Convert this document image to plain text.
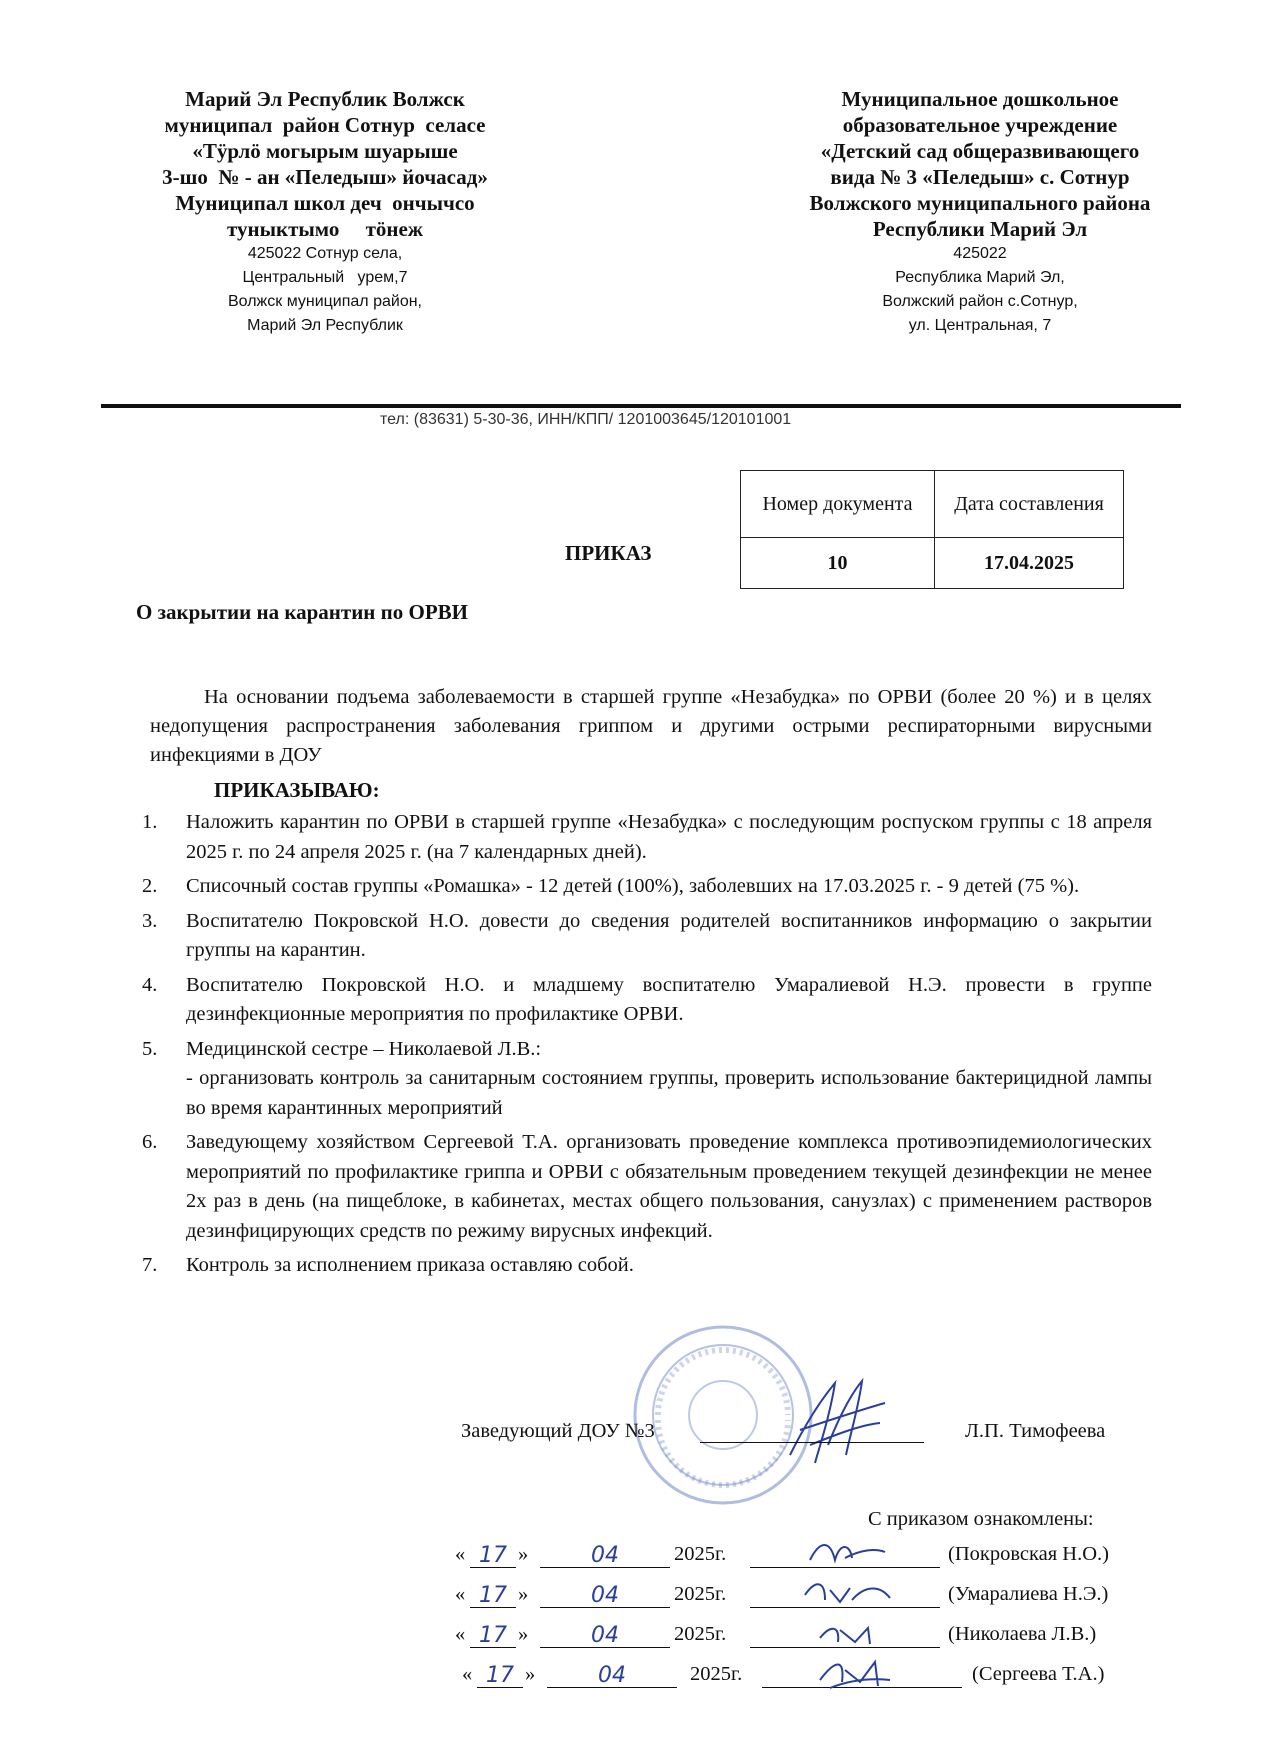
Марий Эл Республик Волжск
муниципал  район Сотнур  селасе
«Тӱрлӧ могырым шуарыше
3-шо  № - ан «Пеледыш» йочасад»
Муниципал школ деч  ончычсо
туныктымо     тӧнеж
425022 Сотнур села,
Центральный   урем,7
Волжск муниципал район,
Марий Эл Республик
Муниципальное дошкольное
образовательное учреждение
«Детский сад общеразвивающего
вида № 3 «Пеледыш» с. Сотнур
Волжского муниципального района
Республики Марий Эл
425022
Республика Марий Эл,
Волжский район с.Сотнур,
ул. Центральная, 7
тел: (83631) 5-30-36, ИНН/КПП/ 1201003645/120101001
ПРИКАЗ
Номер документа	Дата составления
10	17.04.2025
О закрытии на карантин по ОРВИ
На основании подъема заболеваемости в старшей группе «Незабудка» по ОРВИ (более 20 %) и в целях недопущения распространения заболевания гриппом и другими острыми респираторными вирусными инфекциями в ДОУ
ПРИКАЗЫВАЮ:
1. Наложить карантин по ОРВИ в старшей группе «Незабудка» с последующим роспуском группы с 18 апреля 2025 г. по 24 апреля 2025 г. (на 7 календарных дней).
2. Списочный состав группы «Ромашка» - 12 детей (100%), заболевших на 17.03.2025 г. - 9 детей (75 %).
3. Воспитателю Покровской Н.О. довести до сведения родителей воспитанников информацию о закрытии группы на карантин.
4. Воспитателю Покровской Н.О. и младшему воспитателю Умаралиевой Н.Э. провести в группе дезинфекционные мероприятия по профилактике ОРВИ.
5. Медицинской сестре – Николаевой Л.В.:
- организовать контроль за санитарным состоянием группы, проверить использование бактерицидной лампы во время карантинных мероприятий
6. Заведующему хозяйством Сергеевой Т.А. организовать проведение комплекса противоэпидемиологических мероприятий по профилактике гриппа и ОРВИ с обязательным проведением текущей дезинфекции не менее 2х раз в день (на пищеблоке, в кабинетах, местах общего пользования, санузлах) с применением растворов дезинфицирующих средств по режиму вирусных инфекций.
7. Контроль за исполнением приказа оставляю собой.
Заведующий ДОУ №3	Л.П. Тимофеева
С приказом ознакомлены:
« 17 »	04	2025г.	(Покровская Н.О.)
« 17 »	04	2025г.	(Умаралиева Н.Э.)
« 17 »	04	2025г.	(Николаева Л.В.)
« 17 »	04	2025г.	(Сергеева Т.А.)
